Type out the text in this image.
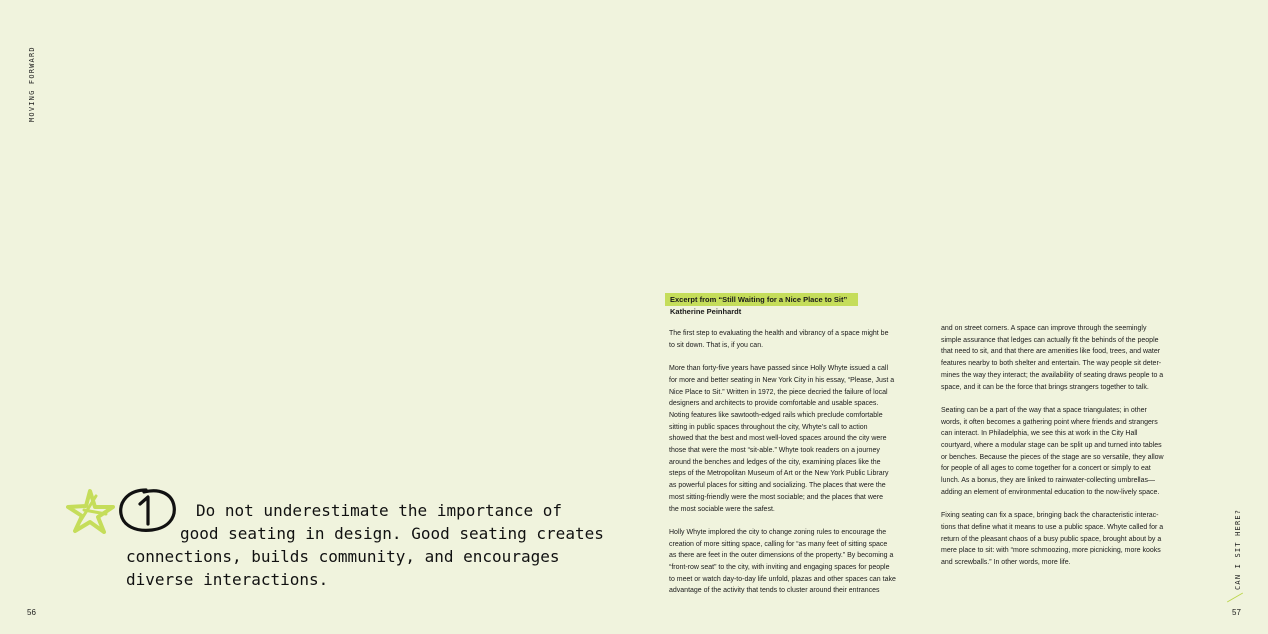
MOVING FORWARD
56
Do not underestimate the importance of
good seating in design. Good seating creates
connections, builds community, and encourages
diverse interactions.
Excerpt from “Still Waiting for a Nice Place to Sit”
Katherine Peinhardt

The first step to evaluating the health and vibrancy of a space might be
to sit down. That is, if you can.

More than forty-five years have passed since Holly Whyte issued a call
for more and better seating in New York City in his essay, “Please, Just a
Nice Place to Sit.” Written in 1972, the piece decried the failure of local
designers and architects to provide comfortable and usable spaces.
Noting features like sawtooth-edged rails which preclude comfortable
sitting in public spaces throughout the city, Whyte’s call to action
showed that the best and most well-loved spaces around the city were
those that were the most “sit-able.” Whyte took readers on a journey
around the benches and ledges of the city, examining places like the
steps of the Metropolitan Museum of Art or the New York Public Library
as powerful places for sitting and socializing. The places that were the
most sitting-friendly were the most sociable; and the places that were
the most sociable were the safest.

Holly Whyte implored the city to change zoning rules to encourage the
creation of more sitting space, calling for “as many feet of sitting space
as there are feet in the outer dimensions of the property.” By becoming a
“front-row seat” to the city, with inviting and engaging spaces for people
to meet or watch day-to-day life unfold, plazas and other spaces can take
advantage of the activity that tends to cluster around their entrances

and on street corners. A space can improve through the seemingly
simple assurance that ledges can actually fit the behinds of the people
that need to sit, and that there are amenities like food, trees, and water
features nearby to both shelter and entertain. The way people sit deter-
mines the way they interact; the availability of seating draws people to a
space, and it can be the force that brings strangers together to talk.

Seating can be a part of the way that a space triangulates; in other
words, it often becomes a gathering point where friends and strangers
can interact. In Philadelphia, we see this at work in the City Hall
courtyard, where a modular stage can be split up and turned into tables
or benches. Because the pieces of the stage are so versatile, they allow
for people of all ages to come together for a concert or simply to eat
lunch. As a bonus, they are linked to rainwater-collecting umbrellas—
adding an element of environmental education to the now-lively space.

Fixing seating can fix a space, bringing back the characteristic interac-
tions that define what it means to use a public space. Whyte called for a
return of the pleasant chaos of a busy public space, brought about by a
mere place to sit: with “more schmoozing, more picnicking, more kooks
and screwballs.” In other words, more life.	CAN I SIT HERE?
57
